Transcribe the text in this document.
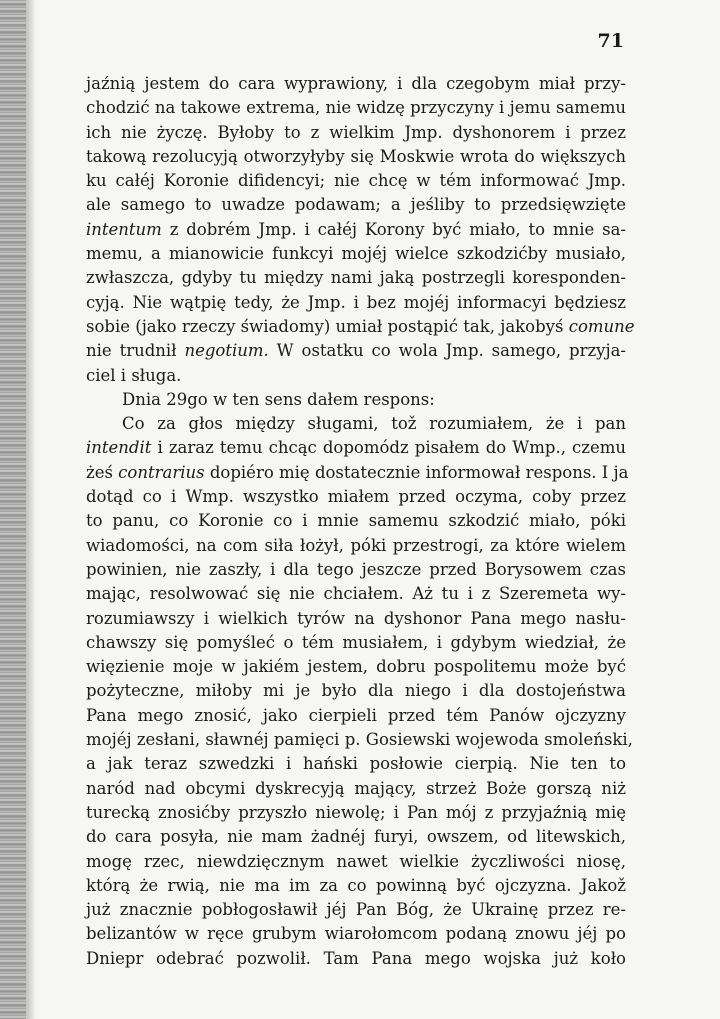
71
jaźnią jestem do cara wyprawiony, i dla czegobym miał przy-
chodzić na takowe extrema, nie widzę przyczyny i jemu samemu
ich nie życzę. Byłoby to z wielkim Jmp. dyshonorem i przez
takową rezolucyją otworzyłyby się Moskwie wrota do większych
ku całéj Koronie difidencyi; nie chcę w tém informować Jmp.
ale samego to uwadze podawam; a jeśliby to przedsięwzięte
intentum z dobrém Jmp. i całéj Korony być miało, to mnie sa-
memu, a mianowicie funkcyi mojéj wielce szkodzićby musiało,
zwłaszcza, gdyby tu między nami jaką postrzegli koresponden-
cyją. Nie wątpię tedy, że Jmp. i bez mojéj informacyi będziesz
sobie (jako rzeczy świadomy) umiał postąpić tak, jakobyś comune
nie trudnił negotium. W ostatku co wola Jmp. samego, przyja-
ciel i sługa.
Dnia 29go w ten sens dałem respons:
Co za głos między sługami, tož rozumiałem, że i pan
intendit i zaraz temu chcąc dopomódz pisałem do Wmp., czemu
żeś contrarius dopiéro mię dostatecznie informował respons. I ja
dotąd co i Wmp. wszystko miałem przed oczyma, coby przez
to panu, co Koronie co i mnie samemu szkodzić miało, póki
wiadomości, na com siła łożył, póki przestrogi, za które wielem
powinien, nie zaszły, i dla tego jeszcze przed Borysowem czas
mając, resolwować się nie chciałem. Aż tu i z Szeremeta wy-
rozumiawszy i wielkich tyrów na dyshonor Pana mego nasłu-
chawszy się pomyśleć o tém musiałem, i gdybym wiedział, że
więzienie moje w jakiém jestem, dobru pospolitemu może być
pożyteczne, miłoby mi je było dla niego i dla dostojeństwa
Pana mego znosić, jako cierpieli przed tém Panów ojczyzny
mojéj zesłani, sławnéj pamięci p. Gosiewski wojewoda smoleński,
a jak teraz szwedzki i hański posłowie cierpią. Nie ten to
naród nad obcymi dyskrecyją mający, strzeż Boże gorszą niż
turecką znosićby przyszło niewolę; i Pan mój z przyjaźnią mię
do cara posyła, nie mam żadnéj furyi, owszem, od litewskich,
mogę rzec, niewdzięcznym nawet wielkie życzliwości niosę,
którą że rwią, nie ma im za co powinną być ojczyzna. Jakož
już znacznie pobłogosławił jéj Pan Bóg, że Ukrainę przez re-
belizantów w ręce grubym wiarołomcom podaną znowu jéj po
Dniepr odebrać pozwolił. Tam Pana mego wojska już koło
